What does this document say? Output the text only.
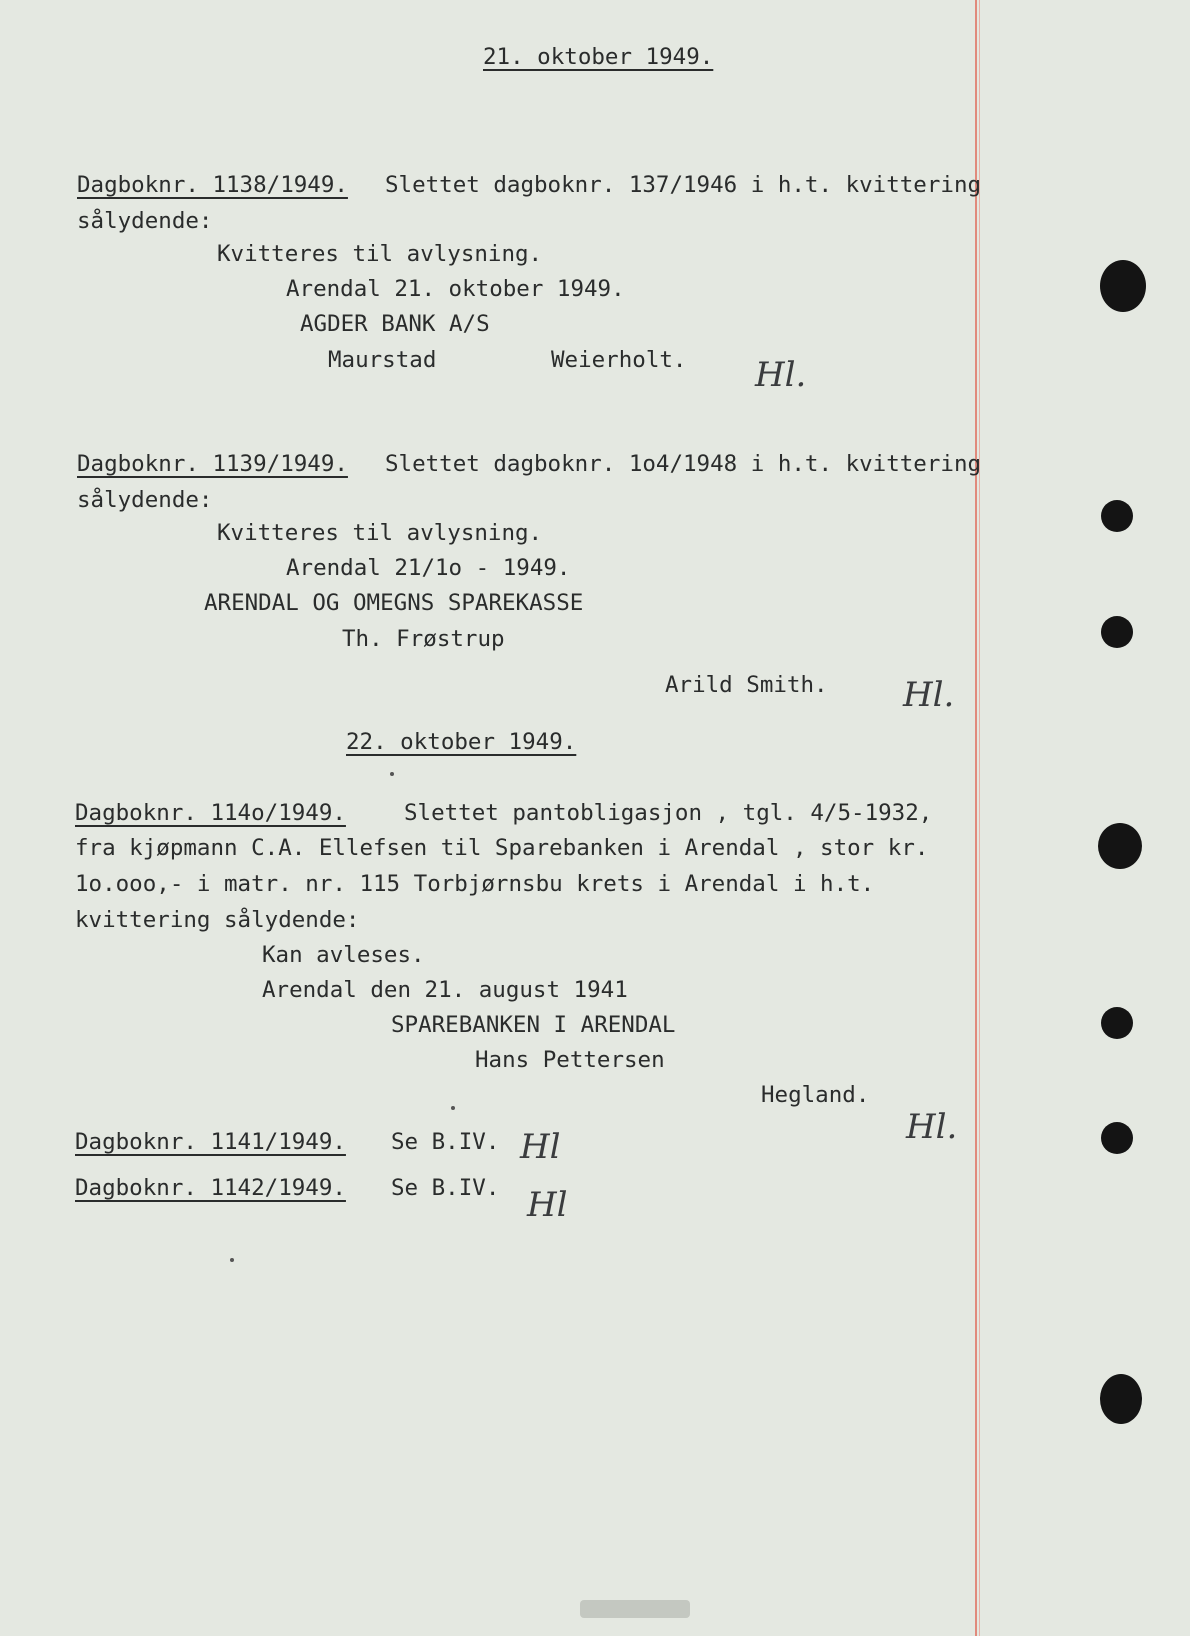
21. oktober 1949.
Dagboknr. 1138/1949. Slettet dagboknr. 137/1946 i h.t. kvittering
sålydende:
Kvitteres til avlysning.
Arendal 21. oktober 1949.
AGDER BANK A/S
Maurstad	Weierholt. Hl.
Dagboknr. 1139/1949. Slettet dagboknr. 1o4/1948 i h.t. kvittering
sålydende:
Kvitteres til avlysning.
Arendal 21/1o - 1949.
ARENDAL OG OMEGNS SPAREKASSE
Th. Frøstrup
Arild Smith. Hl.
22. oktober 1949.
Dagboknr. 114o/1949.	Slettet pantobligasjon , tgl. 4/5-1932,
fra kjøpmann C.A. Ellefsen til Sparebanken i Arendal , stor kr.
1o.ooo,- i matr. nr. 115 Torbjørnsbu krets i Arendal i h.t.
kvittering sålydende:
Kan avleses.
Arendal den 21. august 1941
SPAREBANKEN I ARENDAL
Hans Pettersen
Hegland.
Hl.
Dagboknr. 1141/1949. Se B.IV. Hl
Dagboknr. 1142/1949. Se B.IV. Hl
